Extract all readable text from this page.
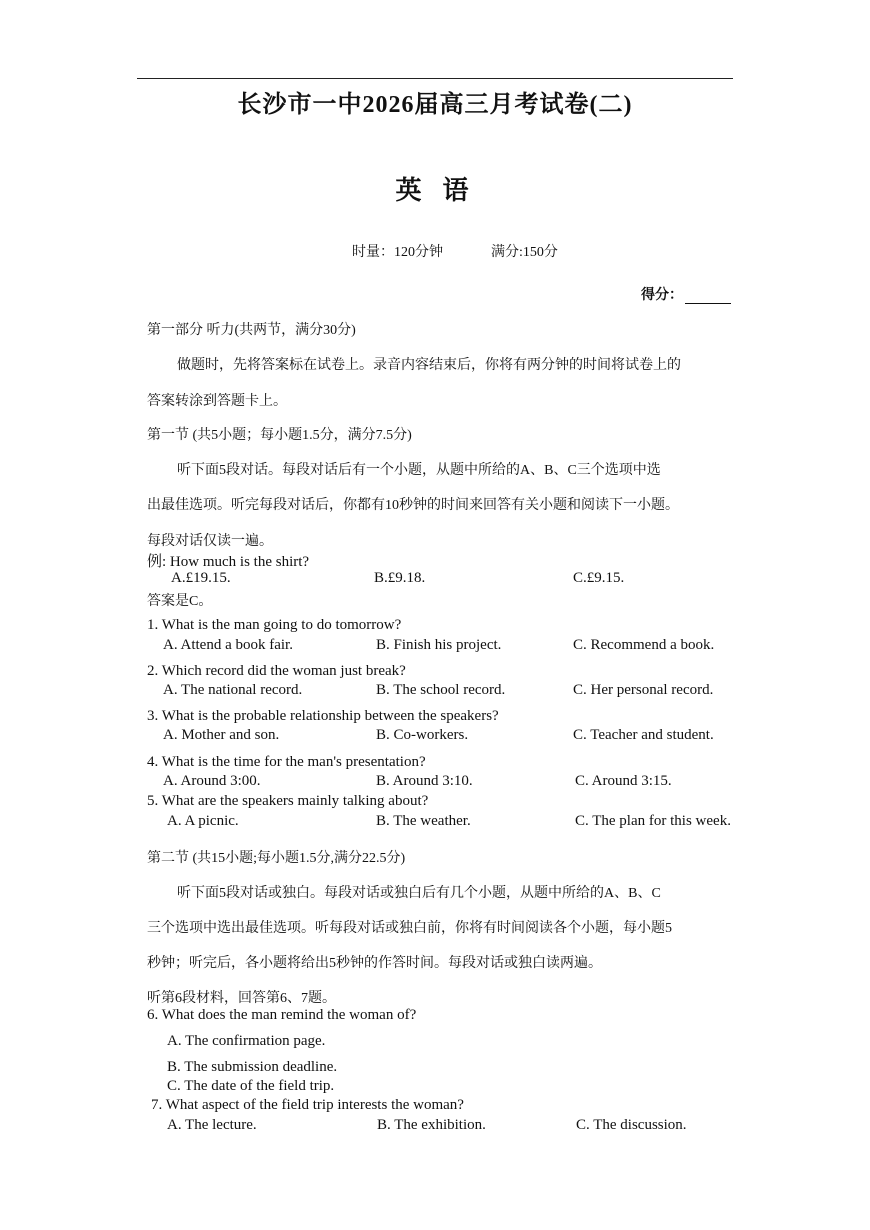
长沙市一中2026届高三月考试卷(二)
英 语
时量：120分钟	满分:150分
得分：
第一部分 听力(共两节，满分30分)
做题时，先将答案标在试卷上。录音内容结束后，你将有两分钟的时间将试卷上的
答案转涂到答题卡上。
第一节 (共5小题；每小题1.5分，满分7.5分)
听下面5段对话。每段对话后有一个小题，从题中所给的A、B、C三个选项中选
出最佳选项。听完每段对话后，你都有10秒钟的时间来回答有关小题和阅读下一小题。
每段对话仅读一遍。
例: How much is the shirt?
A.£19.15.	B.£9.18.	C.£9.15.
答案是C。
1. What is the man going to do tomorrow?
A. Attend a book fair.	B. Finish his project.	C. Recommend a book.
2. Which record did the woman just break?
A. The national record.	B. The school record.	C. Her personal record.
3. What is the probable relationship between the speakers?
A. Mother and son.	B. Co-workers.	C. Teacher and student.
4. What is the time for the man's presentation?
A. Around 3:00.	B. Around 3:10.	C. Around 3:15.
5. What are the speakers mainly talking about?
A. A picnic.	B. The weather.	C. The plan for this week.
第二节 (共15小题;每小题1.5分,满分22.5分)
听下面5段对话或独白。每段对话或独白后有几个小题，从题中所给的A、B、C
三个选项中选出最佳选项。听每段对话或独白前，你将有时间阅读各个小题，每小题5
秒钟；听完后，各小题将给出5秒钟的作答时间。每段对话或独白读两遍。
听第6段材料，回答第6、7题。
6. What does the man remind the woman of?
A. The confirmation page.
B. The submission deadline.
C. The date of the field trip.
7. What aspect of the field trip interests the woman?
A. The lecture.	B. The exhibition.	C. The discussion.
